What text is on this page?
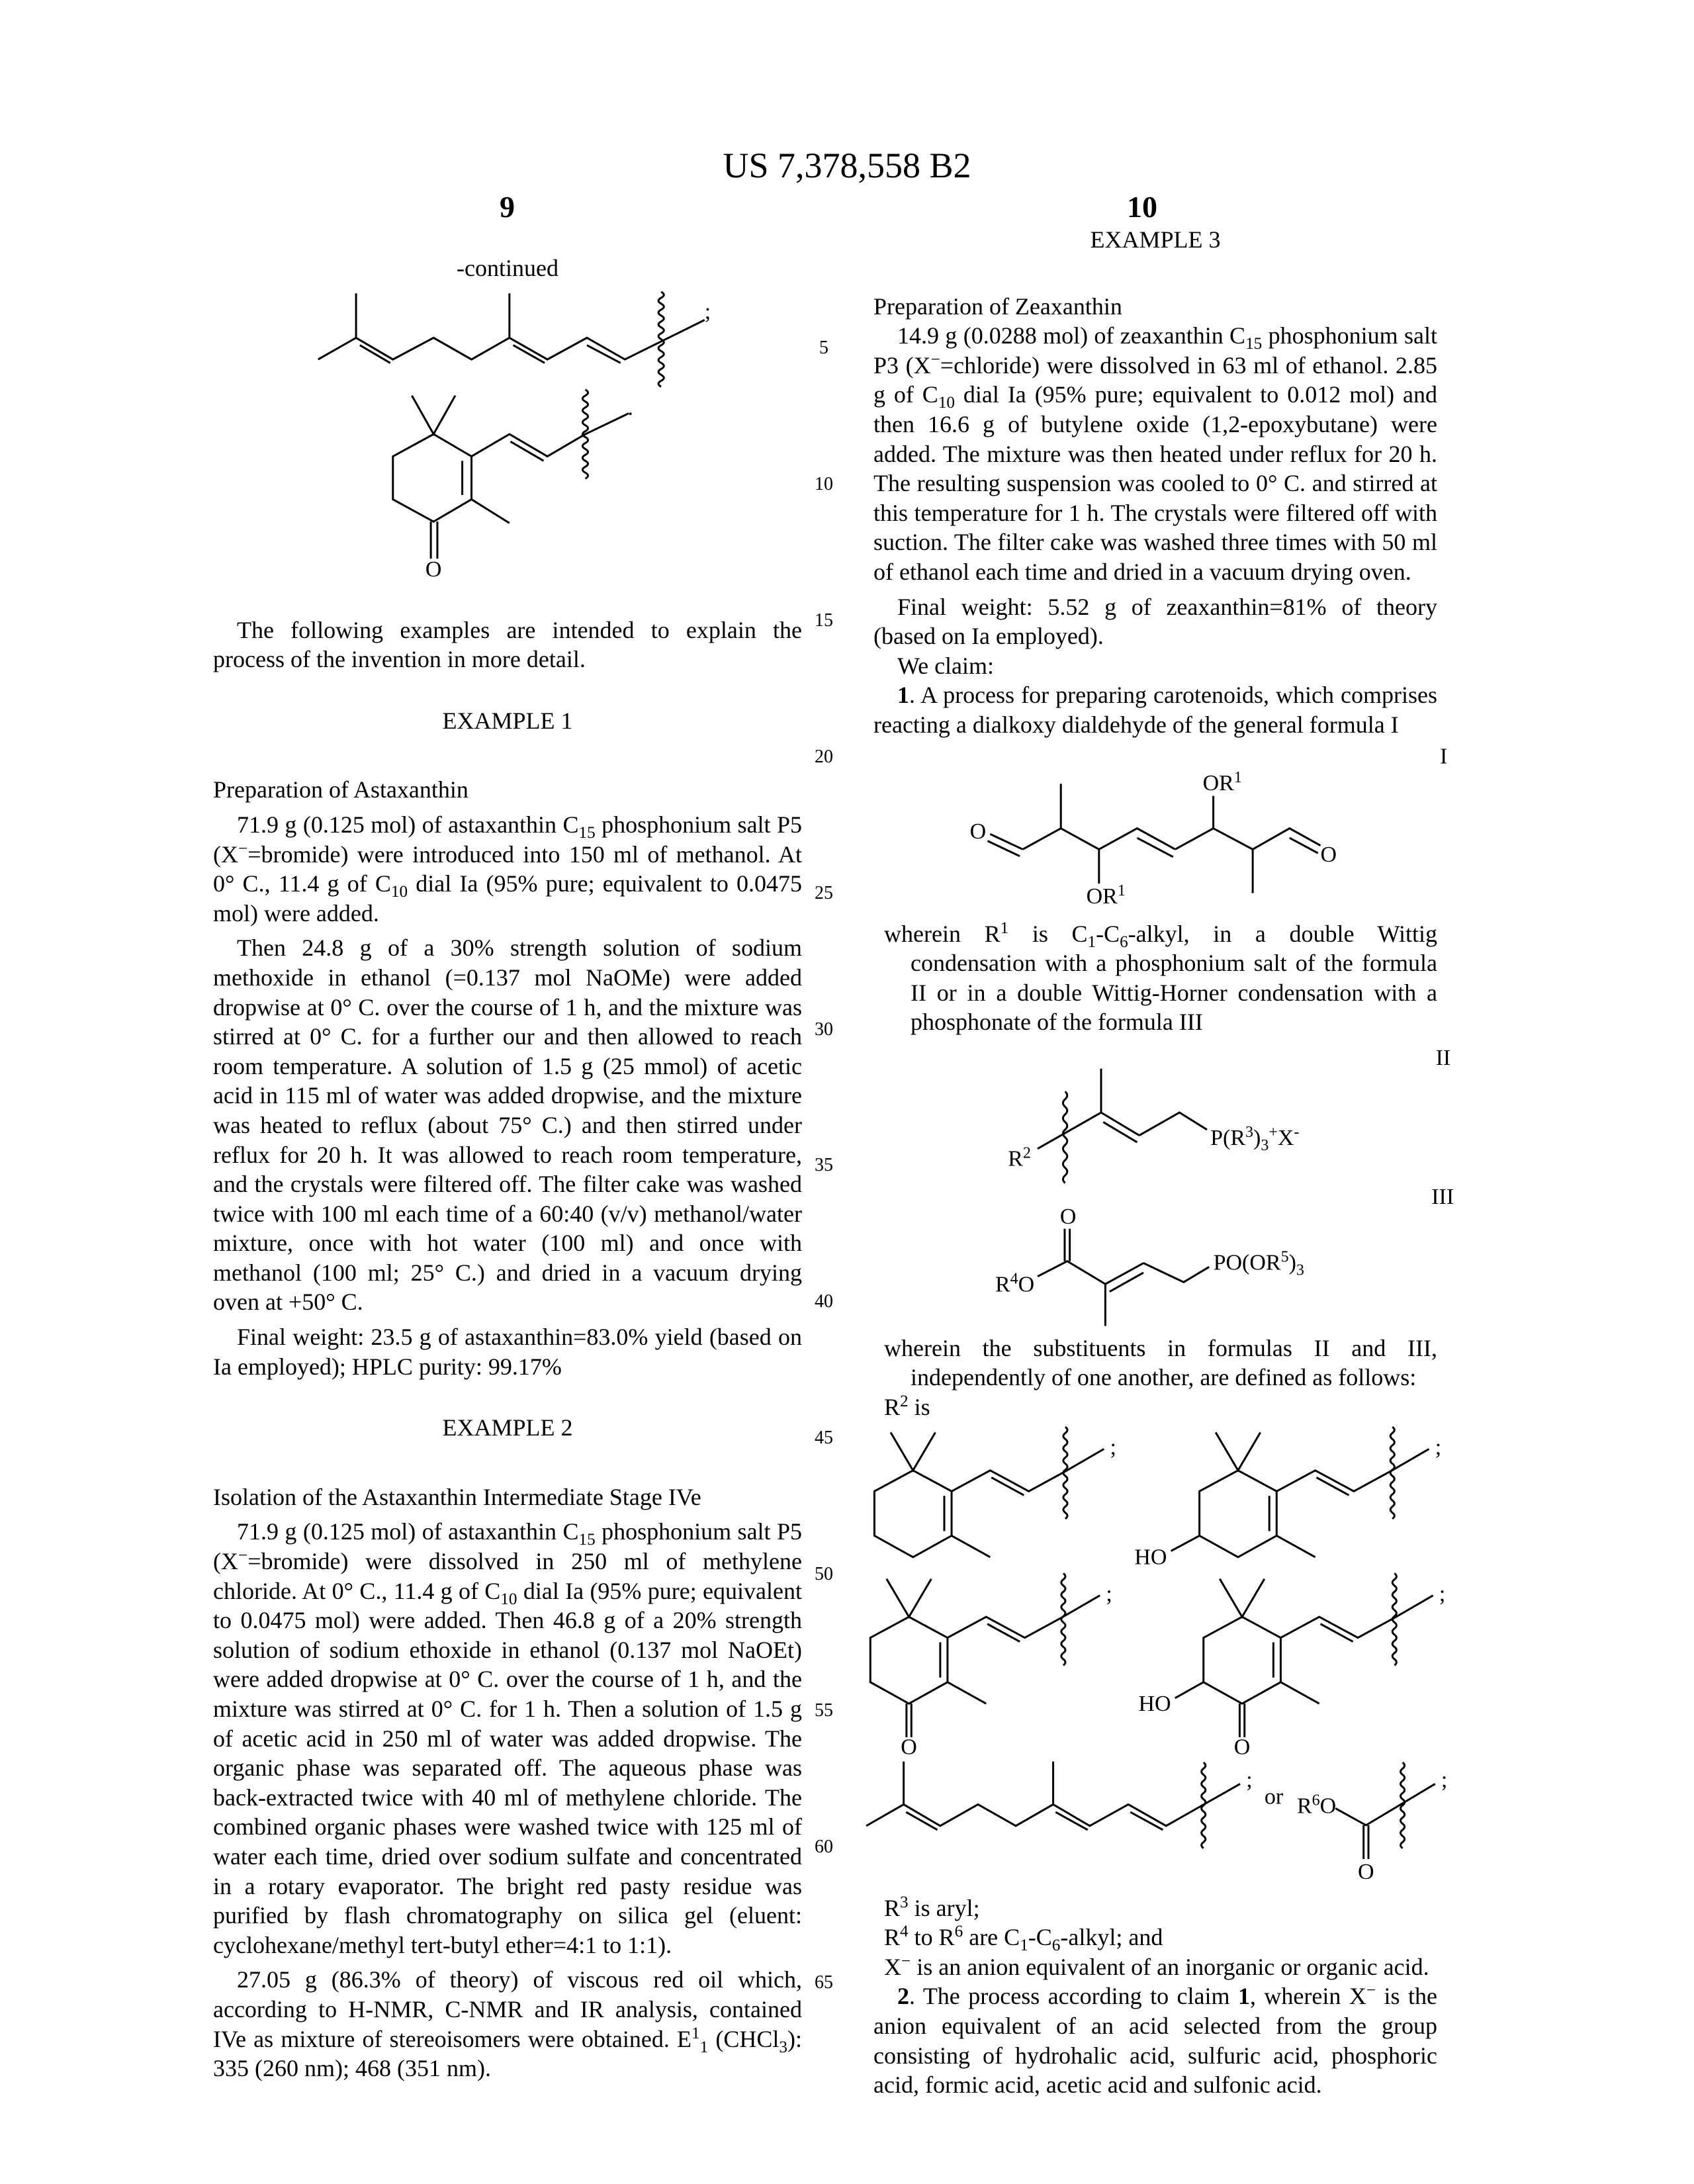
US 7,378,558 B2
9	10
-continued
;
O
.
The following examples are intended to explain the process of the invention in more detail.
EXAMPLE 1
Preparation of Astaxanthin
71.9 g (0.125 mol) of astaxanthin C15 phosphonium salt P5 (X−=bromide) were introduced into 150 ml of methanol. At 0° C., 11.4 g of C10 dial Ia (95% pure; equivalent to 0.0475 mol) were added.
Then 24.8 g of a 30% strength solution of sodium methoxide in ethanol (=0.137 mol NaOMe) were added dropwise at 0° C. over the course of 1 h, and the mixture was stirred at 0° C. for a further our and then allowed to reach room temperature. A solution of 1.5 g (25 mmol) of acetic acid in 115 ml of water was added dropwise, and the mixture was heated to reflux (about 75° C.) and then stirred under reflux for 20 h. It was allowed to reach room temperature, and the crystals were filtered off. The filter cake was washed twice with 100 ml each time of a 60:40 (v/v) methanol/water mixture, once with hot water (100 ml) and once with methanol (100 ml; 25° C.) and dried in a vacuum drying oven at +50° C.
Final weight: 23.5 g of astaxanthin=83.0% yield (based on Ia employed); HPLC purity: 99.17%
EXAMPLE 2
Isolation of the Astaxanthin Intermediate Stage IVe
71.9 g (0.125 mol) of astaxanthin C15 phosphonium salt P5 (X−=bromide) were dissolved in 250 ml of methylene chloride. At 0° C., 11.4 g of C10 dial Ia (95% pure; equivalent to 0.0475 mol) were added. Then 46.8 g of a 20% strength solution of sodium ethoxide in ethanol (0.137 mol NaOEt) were added dropwise at 0° C. over the course of 1 h, and the mixture was stirred at 0° C. for 1 h. Then a solution of 1.5 g of acetic acid in 250 ml of water was added dropwise. The organic phase was separated off. The aqueous phase was back-extracted twice with 40 ml of methylene chloride. The combined organic phases were washed twice with 125 ml of water each time, dried over sodium sulfate and concentrated in a rotary evaporator. The bright red pasty residue was purified by flash chromatography on silica gel (eluent: cyclohexane/methyl tert-butyl ether=4:1 to 1:1).
27.05 g (86.3% of theory) of viscous red oil which, according to H-NMR, C-NMR and IR analysis, contained IVe as mixture of stereoisomers were obtained. E11 (CHCl3): 335 (260 nm); 468 (351 nm).
EXAMPLE 3
Preparation of Zeaxanthin
14.9 g (0.0288 mol) of zeaxanthin C15 phosphonium salt P3 (X−=chloride) were dissolved in 63 ml of ethanol. 2.85 g of C10 dial Ia (95% pure; equivalent to 0.012 mol) and then 16.6 g of butylene oxide (1,2-epoxybutane) were added. The mixture was then heated under reflux for 20 h. The resulting suspension was cooled to 0° C. and stirred at this temperature for 1 h. The crystals were filtered off with suction. The filter cake was washed three times with 50 ml of ethanol each time and dried in a vacuum drying oven.
Final weight: 5.52 g of zeaxanthin=81% of theory (based on Ia employed).
We claim:
1. A process for preparing carotenoids, which comprises reacting a dialkoxy dialdehyde of the general formula I
I
O
O
OR1
OR1
wherein R1 is C1-C6-alkyl, in a double Wittig condensation with a phosphonium salt of the formula II or in a double Wittig-Horner condensation with a phosphonate of the formula III
II
R2
P(R3)3+X-
III
O
R4O
PO(OR5)3
wherein the substituents in formulas II and III, independently of one another, are defined as follows:
R2 is
;	;
HO
;
O
;
O
HO
;
or
;
R6O
O
R3 is aryl;
R4 to R6 are C1-C6-alkyl; and
X− is an anion equivalent of an inorganic or organic acid.
2. The process according to claim 1, wherein X− is the anion equivalent of an acid selected from the group consisting of hydrohalic acid, sulfuric acid, phosphoric acid, formic acid, acetic acid and sulfonic acid.
5
10
15
20
25
30
35
40
45
50
55
60
65
